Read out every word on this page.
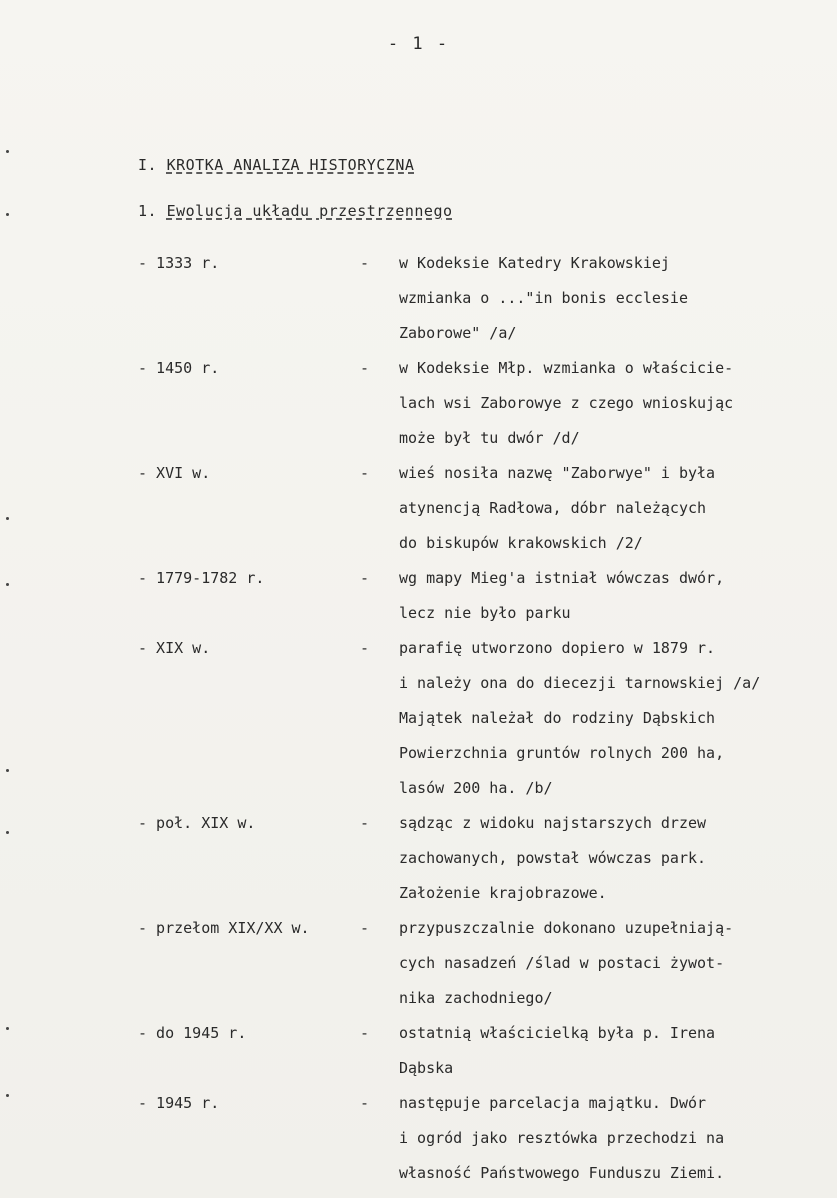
- 1 -
I. KROTKA ANALIZA HISTORYCZNA
1. Ewolucja układu przestrzennego
- 1333 r.	- w Kodeksie Katedry Krakowskiej
wzmianka o ..."in bonis ecclesie
Zaborowe" /a/
- 1450 r.	- w Kodeksie Młp. wzmianka o właścicie-
lach wsi Zaborowye z czego wnioskując
może był tu dwór /d/
- XVI w.	- wieś nosiła nazwę "Zaborwye" i była
atynencją Radłowa, dóbr należących
do biskupów krakowskich /2/
- 1779-1782 r.	- wg mapy Mieg'a istniał wówczas dwór,
lecz nie było parku
- XIX w.	- parafię utworzono dopiero w 1879 r.
i należy ona do diecezji tarnowskiej /a/
Majątek należał do rodziny Dąbskich
Powierzchnia gruntów rolnych 200 ha,
lasów 200 ha. /b/
- poł. XIX w.	- sądząc z widoku najstarszych drzew
zachowanych, powstał wówczas park.
Założenie krajobrazowe.
- przełom XIX/XX w.	- przypuszczalnie dokonano uzupełniają-
cych nasadzeń /ślad w postaci żywot-
nika zachodniego/
- do 1945 r.	- ostatnią właścicielką była p. Irena
Dąbska
- 1945 r.	- następuje parcelacja majątku. Dwór
i ogród jako resztówka przechodzi na
własność Państwowego Funduszu Ziemi.
